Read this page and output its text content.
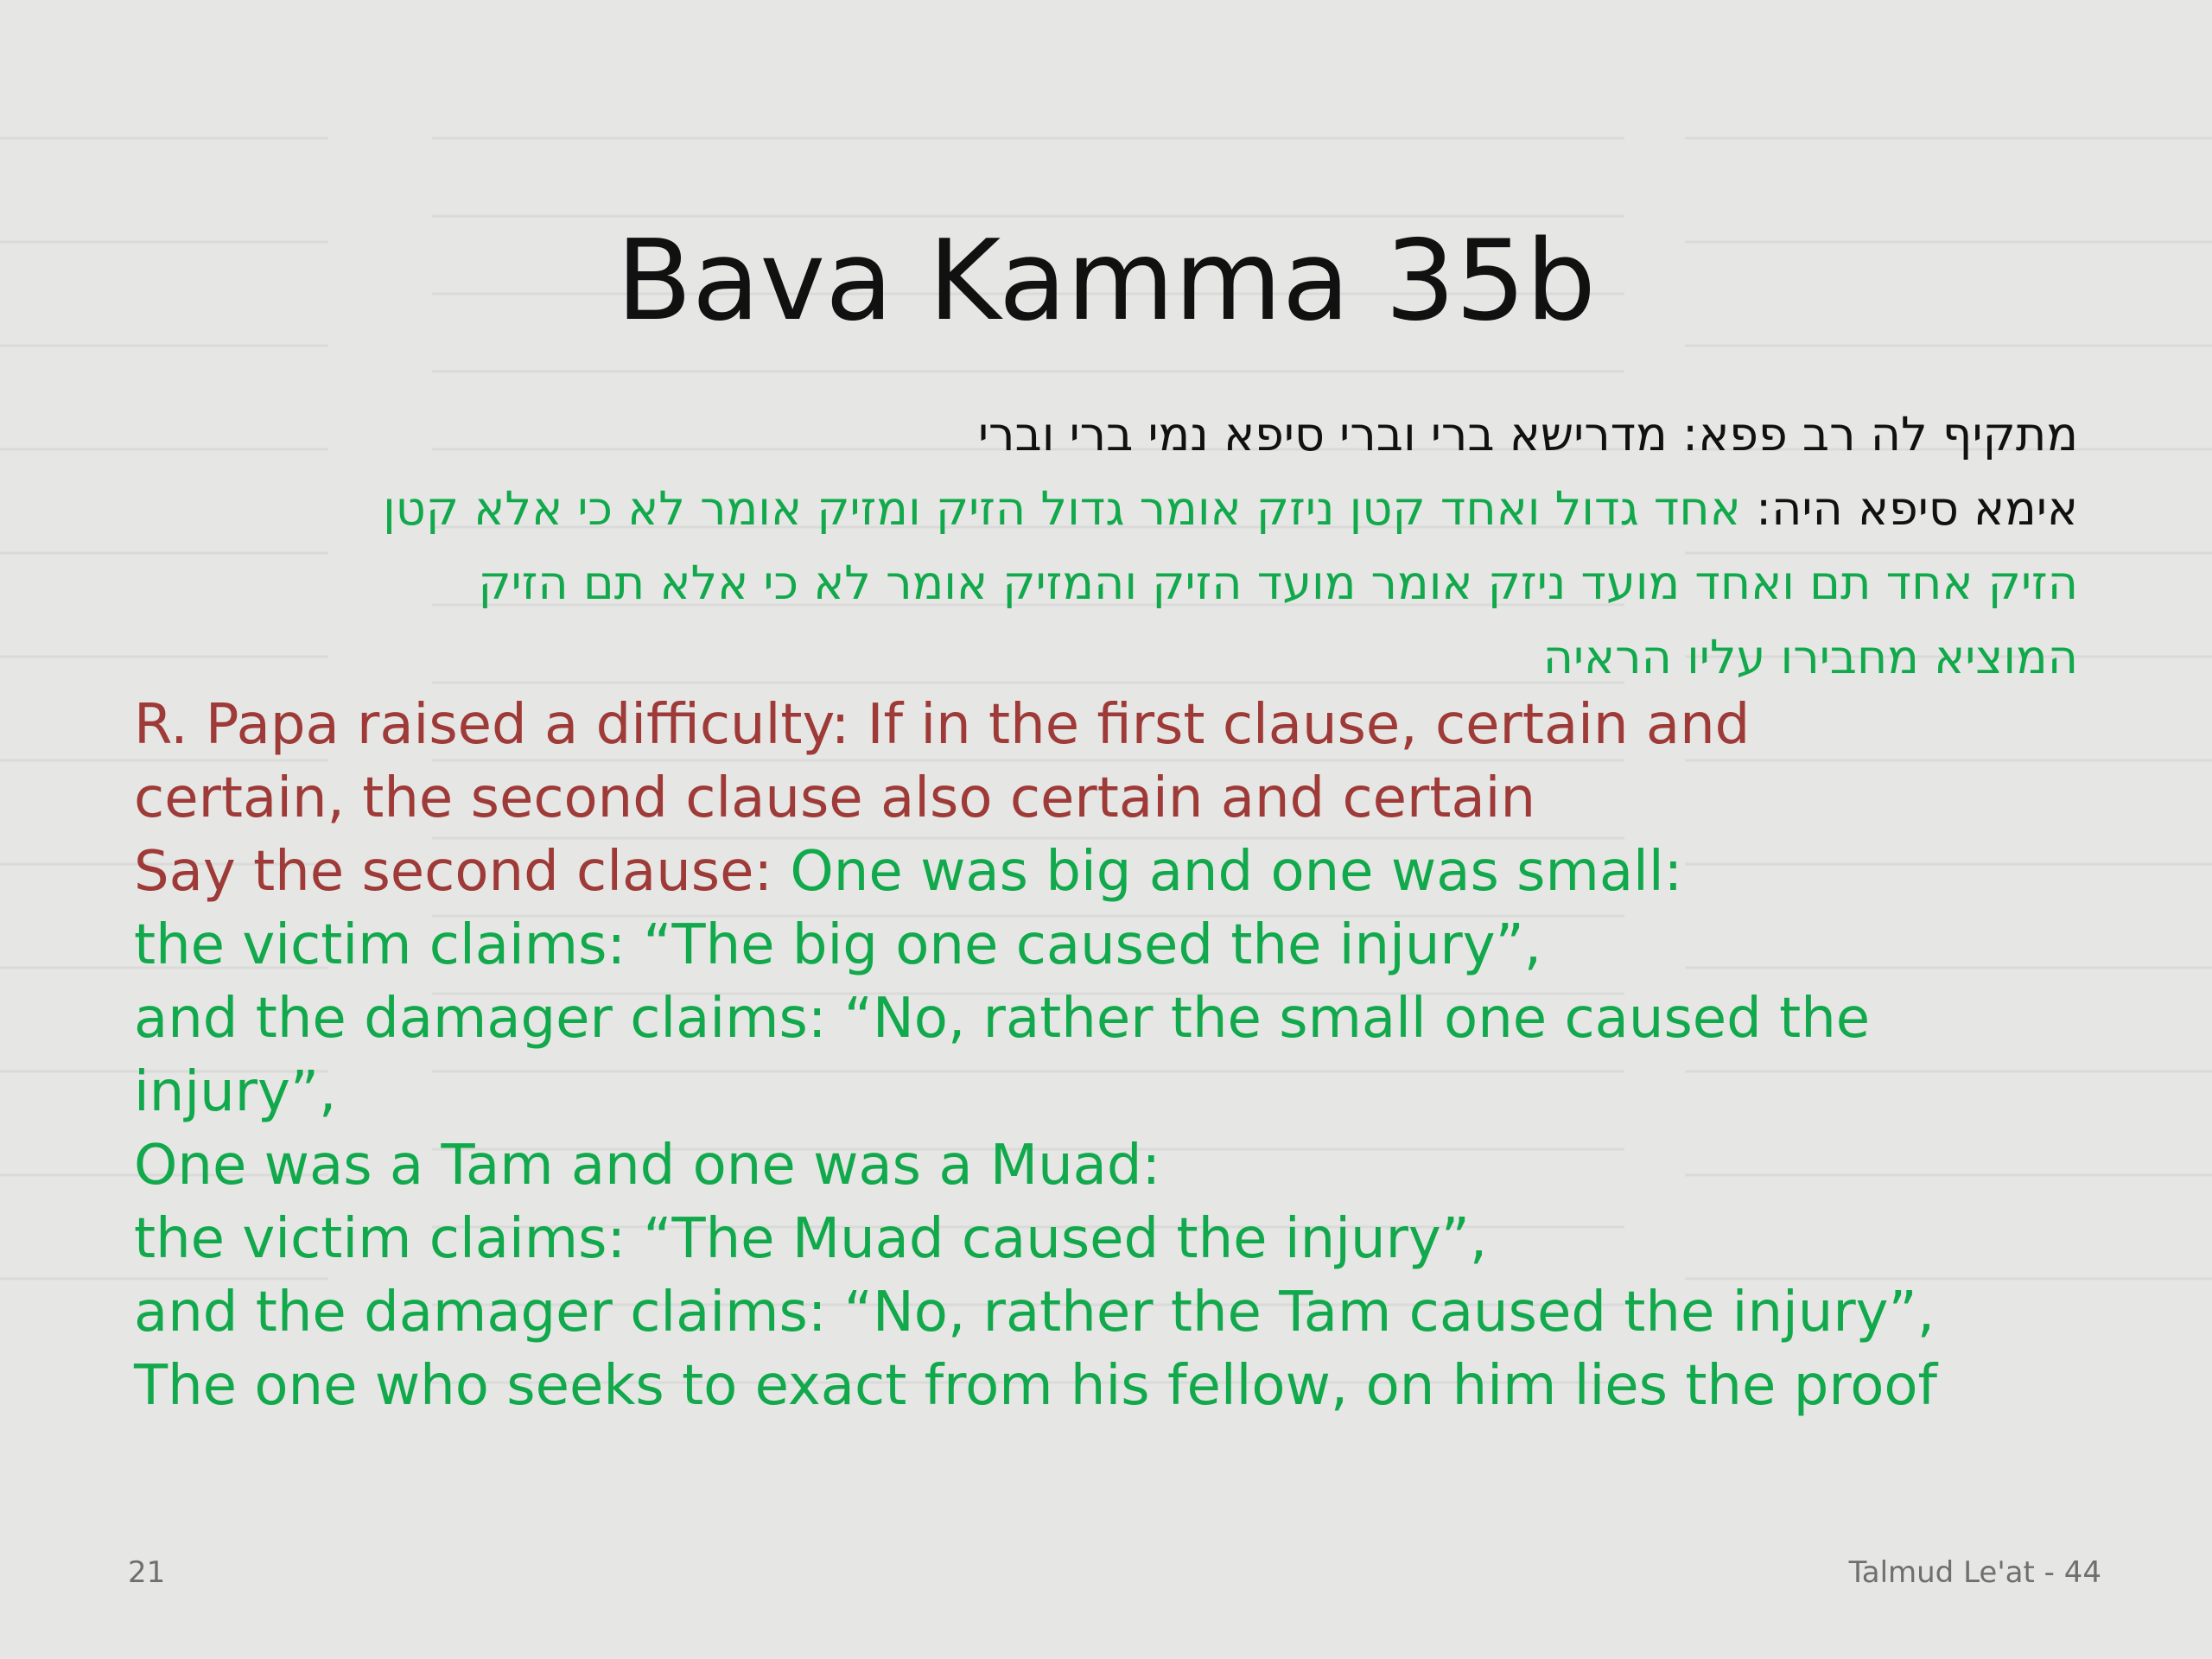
Bava Kamma 35b

מתקיף לה רב פפא: מדרישא ברי וברי סיפא נמי ברי וברי

אימא סיפא היה: אחד גדול ואחד קטן ניזק אומר גדול הזיק ומזיק אומר לא כי אלא קטן

הזיק אחד תם ואחד מועד ניזק אומר מועד הזיק והמזיק אומר לא כי אלא תם הזיק

המוציא מחבירו עליו הראיה

R. Papa raised a difficulty: If in the first clause, certain and

certain, the second clause also certain and certain

Say the second clause: One was big and one was small:

the victim claims: “The big one caused the injury”,

and the damager claims: “No, rather the small one caused the

injury”,

One was a Tam and one was a Muad:

the victim claims: “The Muad caused the injury”,

and the damager claims: “No, rather the Tam caused the injury”,

The one who seeks to exact from his fellow, on him lies the proof

21	Talmud Le'at - 44
